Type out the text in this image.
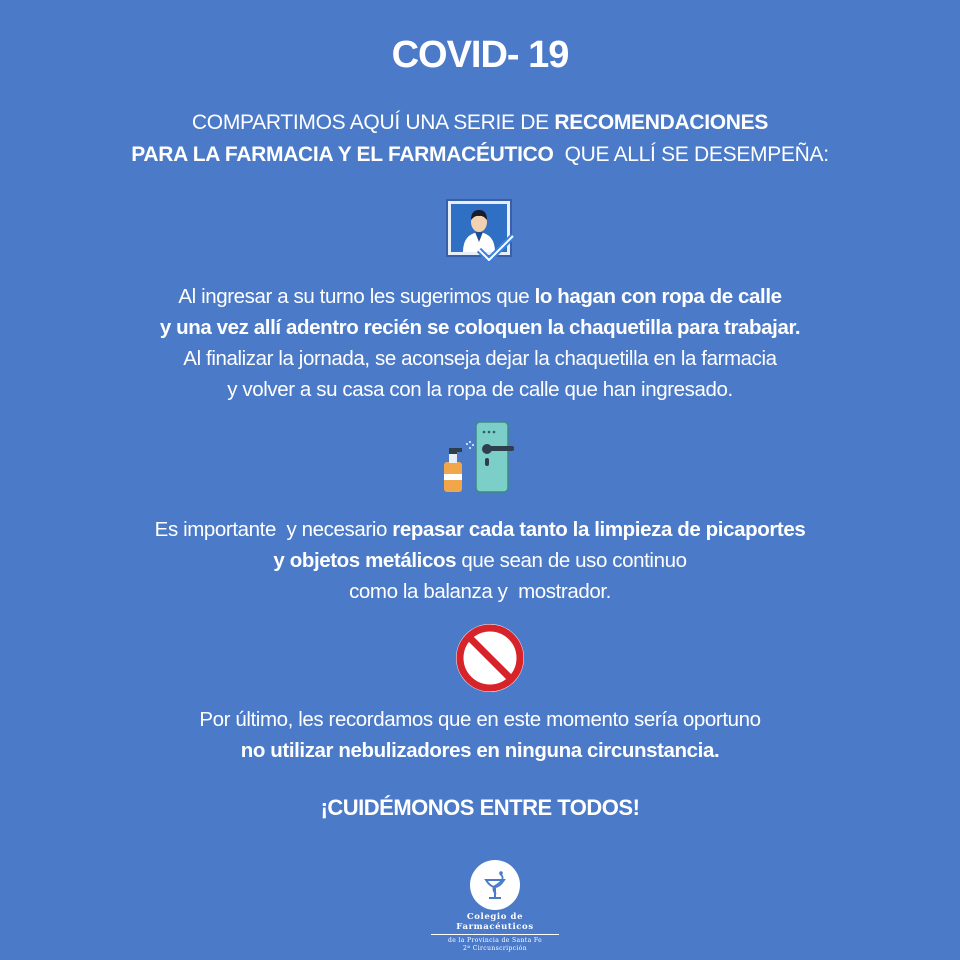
COVID- 19
COMPARTIMOS AQUÍ UNA SERIE DE RECOMENDACIONES
PARA LA FARMACIA Y EL FARMACÉUTICO  QUE ALLÍ SE DESEMPEÑA:
Al ingresar a su turno les sugerimos que lo hagan con ropa de calle
y una vez allí adentro recién se coloquen la chaquetilla para trabajar.
Al finalizar la jornada, se aconseja dejar la chaquetilla en la farmacia
y volver a su casa con la ropa de calle que han ingresado.
Es importante  y necesario repasar cada tanto la limpieza de picaportes
y objetos metálicos que sean de uso continuo
como la balanza y  mostrador.
Por último, les recordamos que en este momento sería oportuno
no utilizar nebulizadores en ninguna circunstancia.
¡CUIDÉMONOS ENTRE TODOS!
Colegio de Farmacéuticos
de la Provincia de Santa Fe
2ª Circunscripción
